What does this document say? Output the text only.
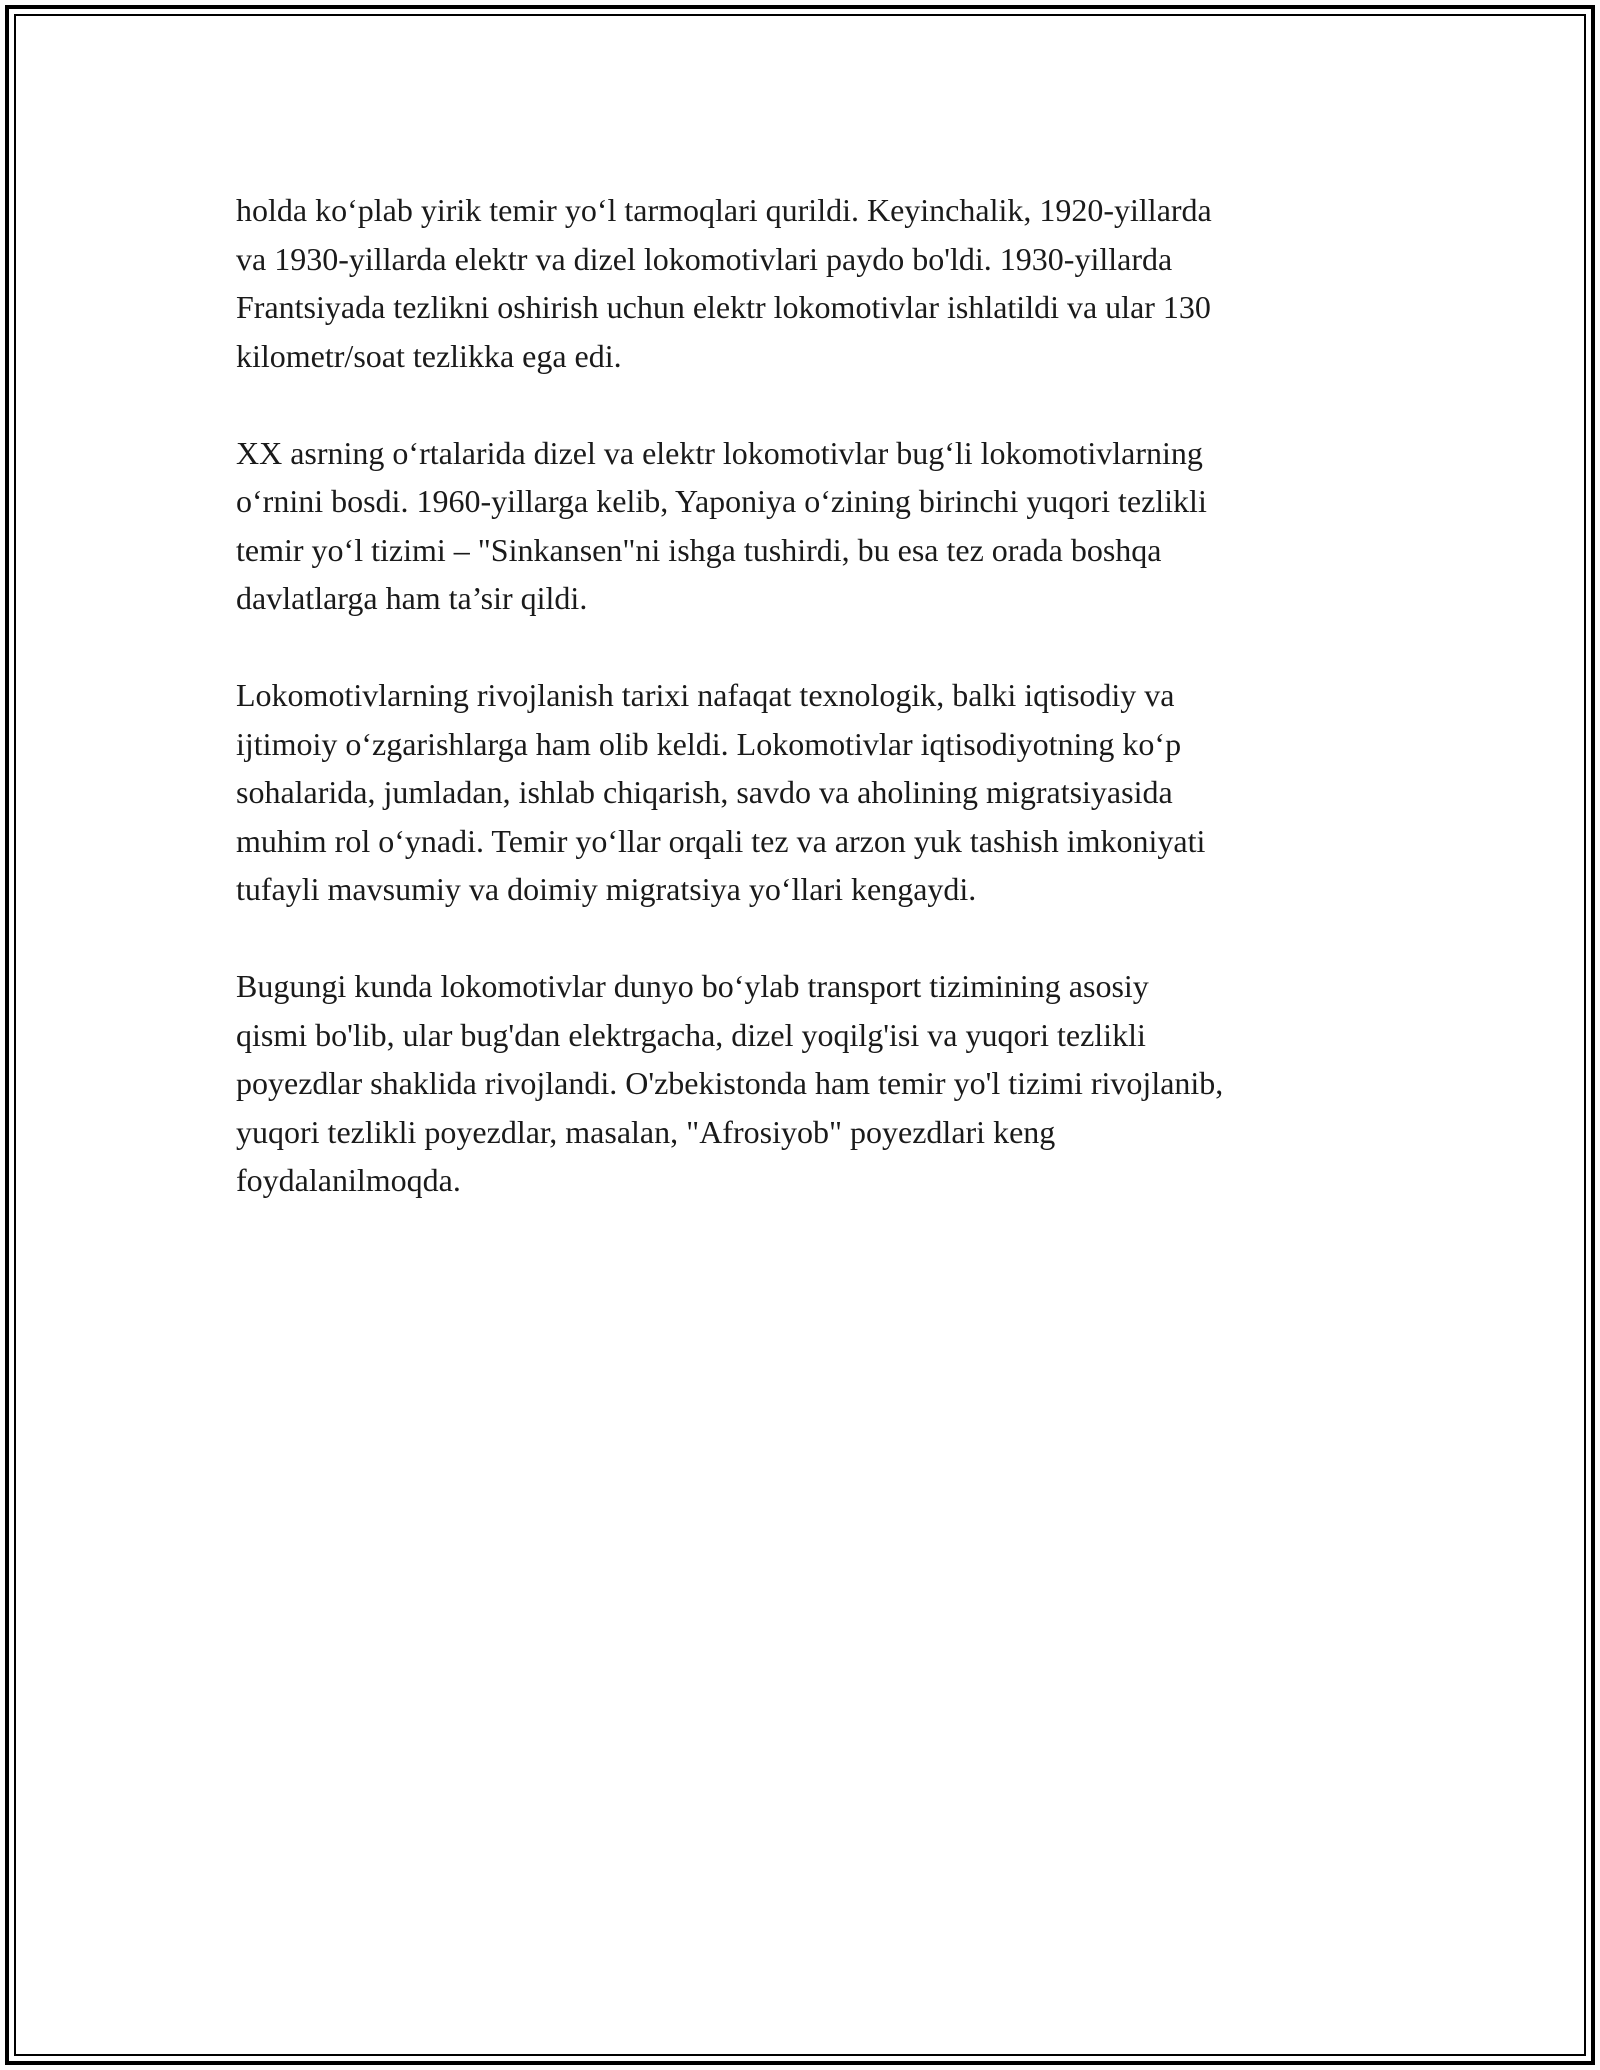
holda ko‘plab yirik temir yo‘l tarmoqlari qurildi. Keyinchalik, 1920-yillarda
va 1930-yillarda elektr va dizel lokomotivlari paydo bo'ldi. 1930-yillarda
Frantsiyada tezlikni oshirish uchun elektr lokomotivlar ishlatildi va ular 130
kilometr/soat tezlikka ega edi.

XX asrning o‘rtalarida dizel va elektr lokomotivlar bug‘li lokomotivlarning
o‘rnini bosdi. 1960-yillarga kelib, Yaponiya o‘zining birinchi yuqori tezlikli
temir yo‘l tizimi – "Sinkansen"ni ishga tushirdi, bu esa tez orada boshqa
davlatlarga ham ta’sir qildi.

Lokomotivlarning rivojlanish tarixi nafaqat texnologik, balki iqtisodiy va
ijtimoiy o‘zgarishlarga ham olib keldi. Lokomotivlar iqtisodiyotning ko‘p
sohalarida, jumladan, ishlab chiqarish, savdo va aholining migratsiyasida
muhim rol o‘ynadi. Temir yo‘llar orqali tez va arzon yuk tashish imkoniyati
tufayli mavsumiy va doimiy migratsiya yo‘llari kengaydi.

Bugungi kunda lokomotivlar dunyo bo‘ylab transport tizimining asosiy
qismi bo'lib, ular bug'dan elektrgacha, dizel yoqilg'isi va yuqori tezlikli
poyezdlar shaklida rivojlandi. O'zbekistonda ham temir yo'l tizimi rivojlanib,
yuqori tezlikli poyezdlar, masalan, "Afrosiyob" poyezdlari keng
foydalanilmoqda.
